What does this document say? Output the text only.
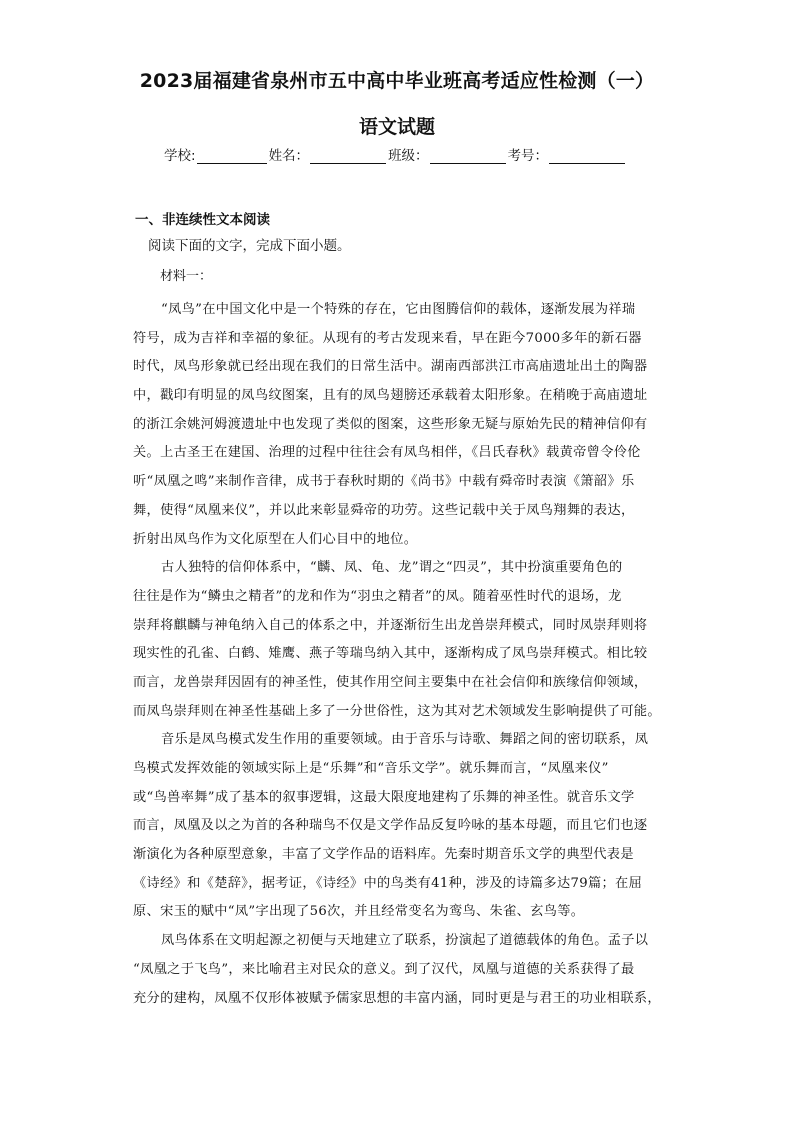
2023届福建省泉州市五中高中毕业班高考适应性检测（一）
语文试题
学校:	姓名：	班级：	考号：
一、非连续性文本阅读
阅读下面的文字，完成下面小题。
材料一：
“凤鸟”在中国文化中是一个特殊的存在，它由图腾信仰的载体，逐渐发展为祥瑞
符号，成为吉祥和幸福的象征。从现有的考古发现来看，早在距今7000多年的新石器
时代，凤鸟形象就已经出现在我们的日常生活中。湖南西部洪江市高庙遗址出土的陶器
中，戳印有明显的凤鸟纹图案，且有的凤鸟翅膀还承载着太阳形象。在稍晚于高庙遗址
的浙江余姚河姆渡遗址中也发现了类似的图案，这些形象无疑与原始先民的精神信仰有
关。上古圣王在建国、治理的过程中往往会有凤鸟相伴，《吕氏春秋》载黄帝曾令伶伦
听“凤凰之鸣”来制作音律，成书于春秋时期的《尚书》中载有舜帝时表演《箫韶》乐
舞，使得“凤凰来仪”，并以此来彰显舜帝的功劳。这些记载中关于凤鸟翔舞的表达，
折射出凤鸟作为文化原型在人们心目中的地位。
古人独特的信仰体系中，“麟、凤、龟、龙”谓之“四灵”，其中扮演重要角色的
往往是作为“鳞虫之精者”的龙和作为“羽虫之精者”的凤。随着巫性时代的退场，龙
崇拜将麒麟与神龟纳入自己的体系之中，并逐渐衍生出龙兽崇拜模式，同时凤崇拜则将
现实性的孔雀、白鹤、雉鹰、燕子等瑞鸟纳入其中，逐渐构成了凤鸟崇拜模式。相比较
而言，龙兽崇拜因固有的神圣性，使其作用空间主要集中在社会信仰和族缘信仰领域，
而凤鸟崇拜则在神圣性基础上多了一分世俗性，这为其对艺术领域发生影响提供了可能。
音乐是凤鸟模式发生作用的重要领域。由于音乐与诗歌、舞蹈之间的密切联系，凤
鸟模式发挥效能的领域实际上是“乐舞”和“音乐文学”。就乐舞而言，“凤凰来仪”
或“鸟兽率舞”成了基本的叙事逻辑，这最大限度地建构了乐舞的神圣性。就音乐文学
而言，凤凰及以之为首的各种瑞鸟不仅是文学作品反复吟咏的基本母题，而且它们也逐
渐演化为各种原型意象，丰富了文学作品的语料库。先秦时期音乐文学的典型代表是
《诗经》和《楚辞》，据考证，《诗经》中的鸟类有41种，涉及的诗篇多达79篇；在屈
原、宋玉的赋中“凤”字出现了56次，并且经常变名为鸾鸟、朱雀、玄鸟等。
凤鸟体系在文明起源之初便与天地建立了联系，扮演起了道德载体的角色。孟子以
“凤凰之于飞鸟”，来比喻君主对民众的意义。到了汉代，凤凰与道德的关系获得了最
充分的建构，凤凰不仅形体被赋予儒家思想的丰富内涵，同时更是与君王的功业相联系，
